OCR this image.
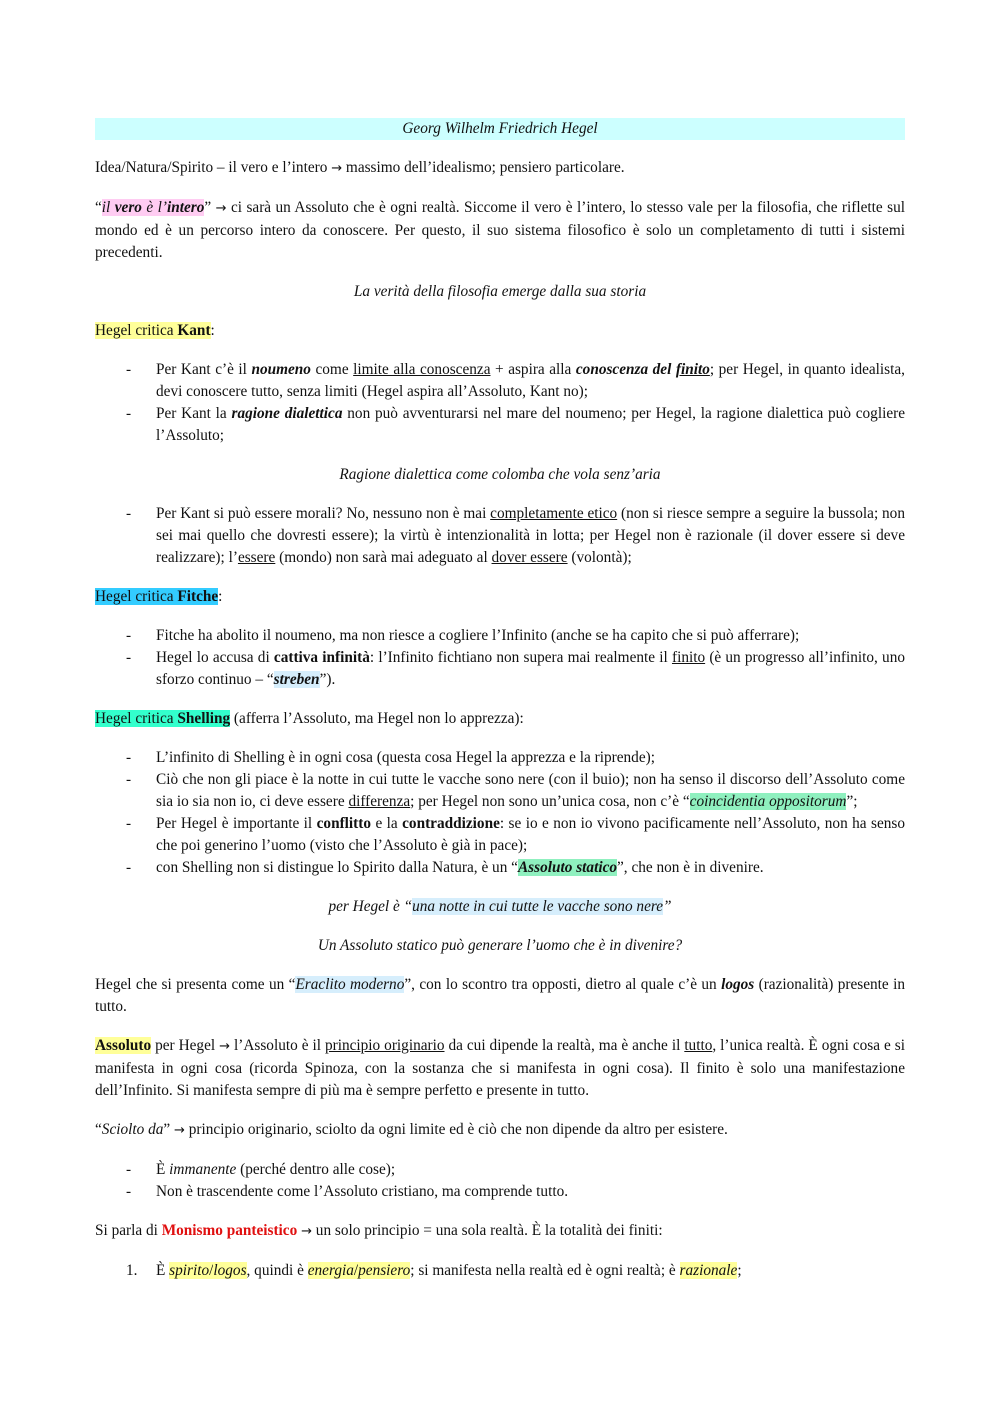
Georg Wilhelm Friedrich Hegel

Idea/Natura/Spirito – il vero e l’intero → massimo dell’idealismo; pensiero particolare.

“il vero è l’intero” → ci sarà un Assoluto che è ogni realtà. Siccome il vero è l’intero, lo stesso vale per la filosofia, che riflette sul mondo ed è un percorso intero da conoscere. Per questo, il suo sistema filosofico è solo un completamento di tutti i sistemi precedenti.

La verità della filosofia emerge dalla sua storia

Hegel critica Kant:

- Per Kant c’è il noumeno come limite alla conoscenza + aspira alla conoscenza del finito; per Hegel, in quanto idealista, devi conoscere tutto, senza limiti (Hegel aspira all’Assoluto, Kant no);
- Per Kant la ragione dialettica non può avventurarsi nel mare del noumeno; per Hegel, la ragione dialettica può cogliere l’Assoluto;

Ragione dialettica come colomba che vola senz’aria

- Per Kant si può essere morali? No, nessuno non è mai completamente etico (non si riesce sempre a seguire la bussola; non sei mai quello che dovresti essere); la virtù è intenzionalità in lotta; per Hegel non è razionale (il dover essere si deve realizzare); l’essere (mondo) non sarà mai adeguato al dover essere (volontà);

Hegel critica Fitche:

- Fitche ha abolito il noumeno, ma non riesce a cogliere l’Infinito (anche se ha capito che si può afferrare);
- Hegel lo accusa di cattiva infinità: l’Infinito fichtiano non supera mai realmente il finito (è un progresso all’infinito, uno sforzo continuo – “streben”).

Hegel critica Shelling (afferra l’Assoluto, ma Hegel non lo apprezza):

- L’infinito di Shelling è in ogni cosa (questa cosa Hegel la apprezza e la riprende);
- Ciò che non gli piace è la notte in cui tutte le vacche sono nere (con il buio); non ha senso il discorso dell’Assoluto come sia io sia non io, ci deve essere differenza; per Hegel non sono un’unica cosa, non c’è “coincidentia oppositorum”;
- Per Hegel è importante il conflitto e la contraddizione: se io e non io vivono pacificamente nell’Assoluto, non ha senso che poi generino l’uomo (visto che l’Assoluto è già in pace);
- con Shelling non si distingue lo Spirito dalla Natura, è un “Assoluto statico”, che non è in divenire.

per Hegel è “una notte in cui tutte le vacche sono nere”

Un Assoluto statico può generare l’uomo che è in divenire?

Hegel che si presenta come un “Eraclito moderno”, con lo scontro tra opposti, dietro al quale c’è un logos (razionalità) presente in tutto.

Assoluto per Hegel → l’Assoluto è il principio originario da cui dipende la realtà, ma è anche il tutto, l’unica realtà. È ogni cosa e si manifesta in ogni cosa (ricorda Spinoza, con la sostanza che si manifesta in ogni cosa). Il finito è solo una manifestazione dell’Infinito. Si manifesta sempre di più ma è sempre perfetto e presente in tutto.

“Sciolto da” → principio originario, sciolto da ogni limite ed è ciò che non dipende da altro per esistere.

- È immanente (perché dentro alle cose);
- Non è trascendente come l’Assoluto cristiano, ma comprende tutto.

Si parla di Monismo panteistico → un solo principio = una sola realtà. È la totalità dei finiti:

1. È spirito/logos, quindi è energia/pensiero; si manifesta nella realtà ed è ogni realtà; è razionale;
